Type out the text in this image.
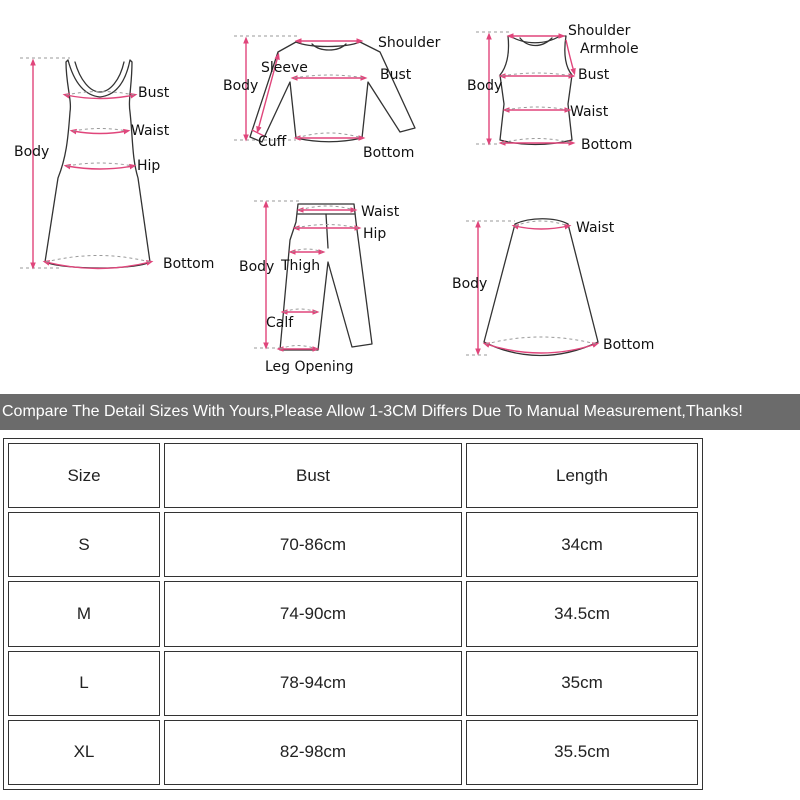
Body
Bust
Waist
Hip
Bottom
Shoulder
Sleeve	Bust
Body
Cuff
Bottom
Shoulder
Armhole
Bust
Body
Waist
Bottom
Waist
Hip
Body Thigh
Calf
Leg Opening
Waist
Body
Bottom
Compare The Detail Sizes With Yours,Please Allow 1-3CM Differs Due To Manual Measurement,Thanks!
Size	Bust	Length
S	70-86cm	34cm
M	74-90cm	34.5cm
L	78-94cm	35cm
XL	82-98cm	35.5cm
